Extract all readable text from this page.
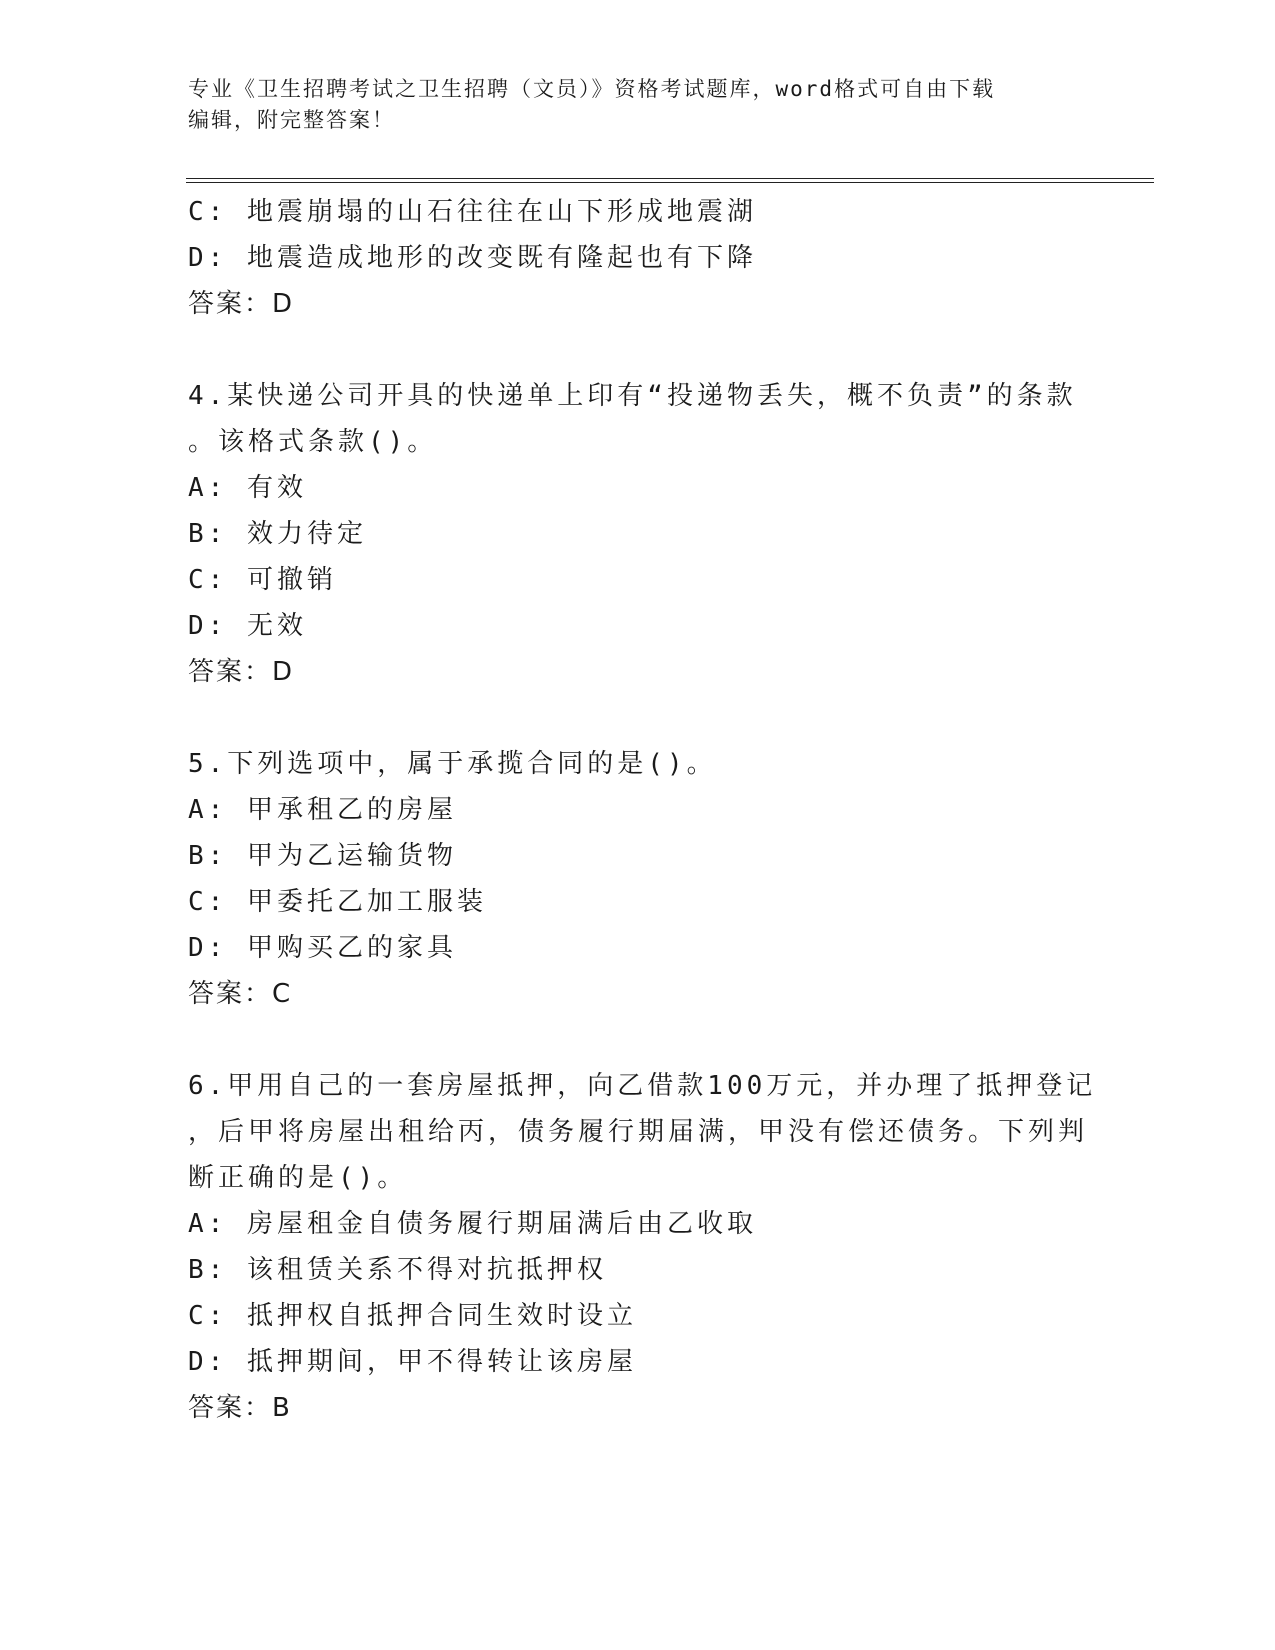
专业《卫生招聘考试之卫生招聘（文员）》资格考试题库，word格式可自由下载
编辑，附完整答案！
C: 地震崩塌的山石往往在山下形成地震湖
D: 地震造成地形的改变既有隆起也有下降
答案：D
4.某快递公司开具的快递单上印有“投递物丢失，概不负责”的条款
。该格式条款()。
A: 有效
B: 效力待定
C: 可撤销
D: 无效
答案：D
5.下列选项中，属于承揽合同的是()。
A: 甲承租乙的房屋
B: 甲为乙运输货物
C: 甲委托乙加工服装
D: 甲购买乙的家具
答案：C
6.甲用自己的一套房屋抵押，向乙借款100万元，并办理了抵押登记
，后甲将房屋出租给丙，债务履行期届满，甲没有偿还债务。下列判
断正确的是()。
A: 房屋租金自债务履行期届满后由乙收取
B: 该租赁关系不得对抗抵押权
C: 抵押权自抵押合同生效时设立
D: 抵押期间，甲不得转让该房屋
答案：B
